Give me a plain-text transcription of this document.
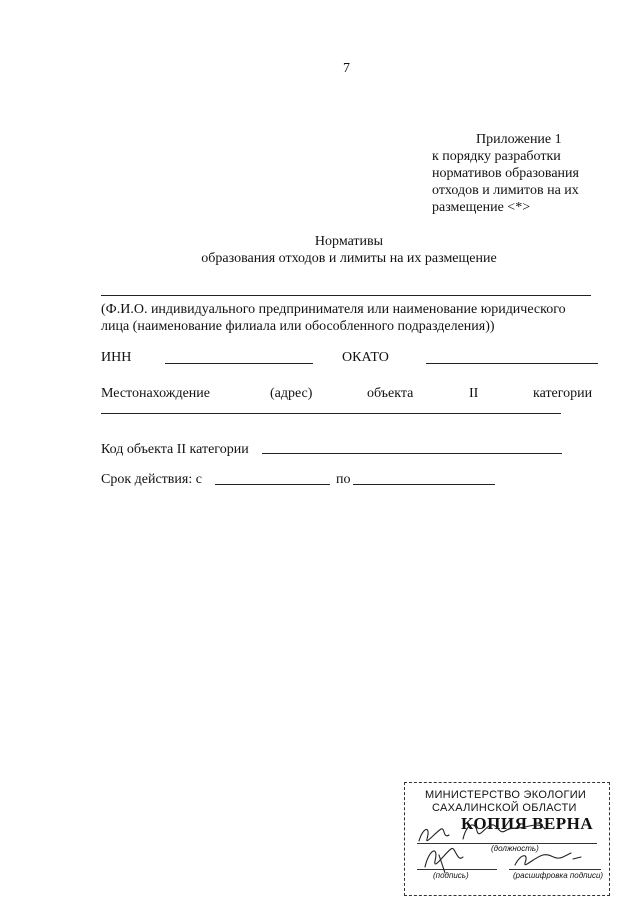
7
Приложение 1
к порядку разработки
нормативов образования
отходов и лимитов на их
размещение <*>
Нормативы
образования отходов и лимиты на их размещение
(Ф.И.О. индивидуального предпринимателя или наименование юридического
лица (наименование филиала или обособленного подразделения))
ИНН	ОКАТО
Местонахождение	(адрес)	объекта	II	категории
Код объекта II категории
Срок действия: с	по
МИНИСТЕРСТВО ЭКОЛОГИИ
САХАЛИНСКОЙ ОБЛАСТИ
КОПИЯ ВЕРНА
(должность)
(подпись)	(расшифровка подписи)
